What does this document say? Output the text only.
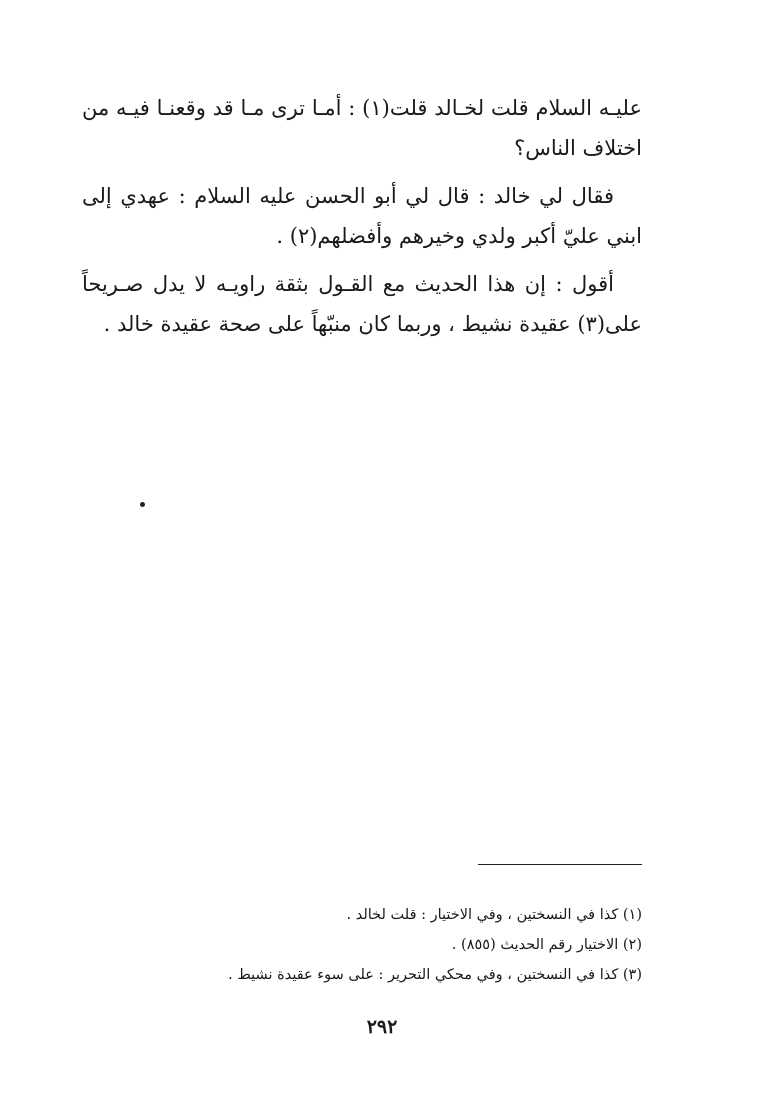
عليـه السلام قلت لخـالد قلت(١) : أمـا ترى مـا قد وقعنـا فيـه من اختلاف الناس؟

فقال لي خالد : قال لي أبو الحسن عليه السلام : عهدي إلى ابني عليّ أكبر ولدي وخيرهم وأفضلهم(٢) .

أقول : إن هذا الحديث مع القـول بثقة راويـه لا يدل صـريحاً على(٣) عقيدة نشيط ، وربما كان منبّهاً على صحة عقيدة خالد .

(١) كذا في النسختين ، وفي الاختيار : قلت لخالد .

(٢) الاختيار رقم الحديث (٨٥٥) .

(٣) كذا في النسختين ، وفي محكي التحرير : على سوء عقيدة نشيط .

٢٩٢
